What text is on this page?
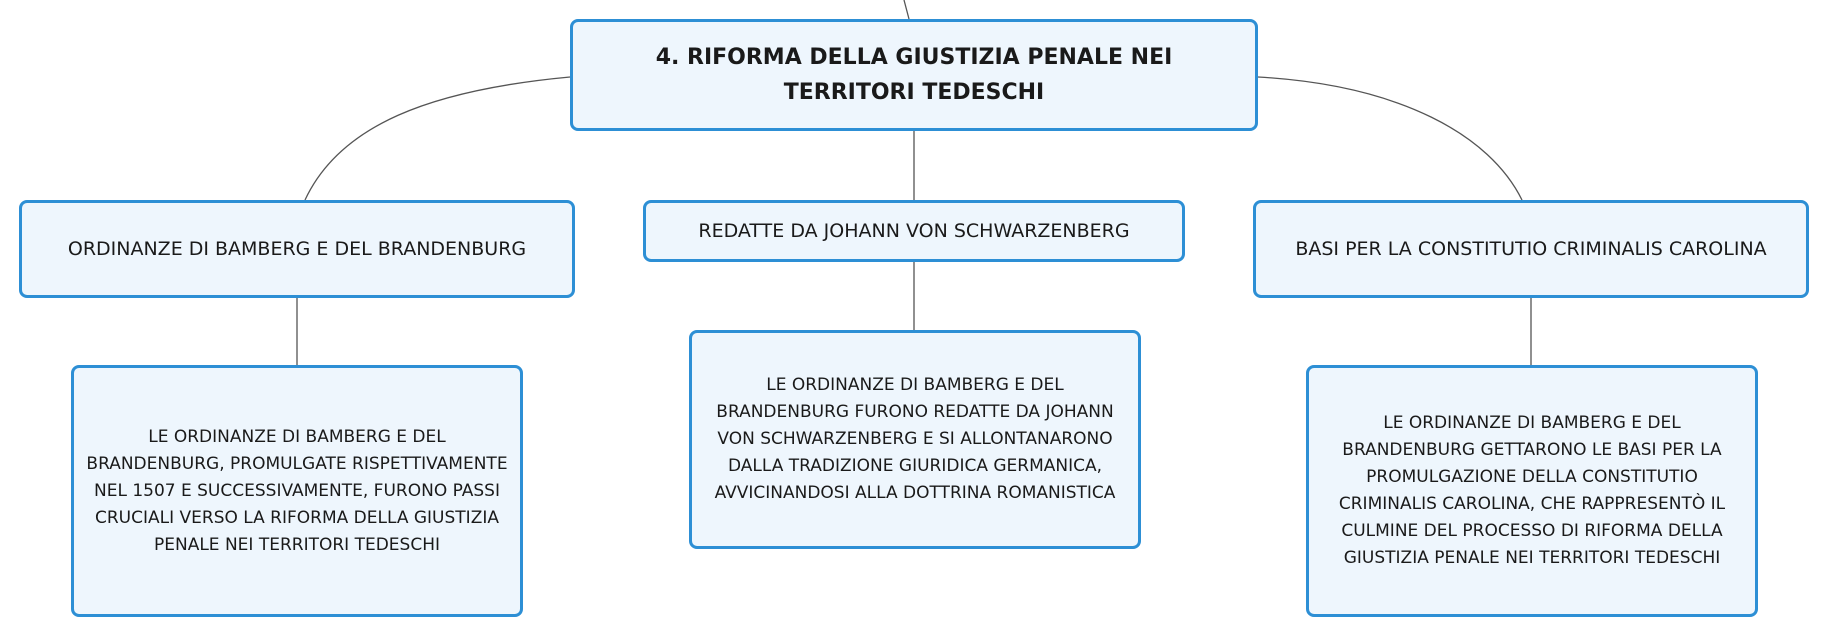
4. RIFORMA DELLA GIUSTIZIA PENALE NEI TERRITORI TEDESCHI
ORDINANZE DI BAMBERG E DEL BRANDENBURG
REDATTE DA JOHANN VON SCHWARZENBERG
BASI PER LA CONSTITUTIO CRIMINALIS CAROLINA
LE ORDINANZE DI BAMBERG E DEL BRANDENBURG, PROMULGATE RISPETTIVAMENTE NEL 1507 E SUCCESSIVAMENTE, FURONO PASSI CRUCIALI VERSO LA RIFORMA DELLA GIUSTIZIA PENALE NEI TERRITORI TEDESCHI
LE ORDINANZE DI BAMBERG E DEL BRANDENBURG FURONO REDATTE DA JOHANN VON SCHWARZENBERG E SI ALLONTANARONO DALLA TRADIZIONE GIURIDICA GERMANICA, AVVICINANDOSI ALLA DOTTRINA ROMANISTICA
LE ORDINANZE DI BAMBERG E DEL BRANDENBURG GETTARONO LE BASI PER LA PROMULGAZIONE DELLA CONSTITUTIO CRIMINALIS CAROLINA, CHE RAPPRESENTÒ IL CULMINE DEL PROCESSO DI RIFORMA DELLA GIUSTIZIA PENALE NEI TERRITORI TEDESCHI
